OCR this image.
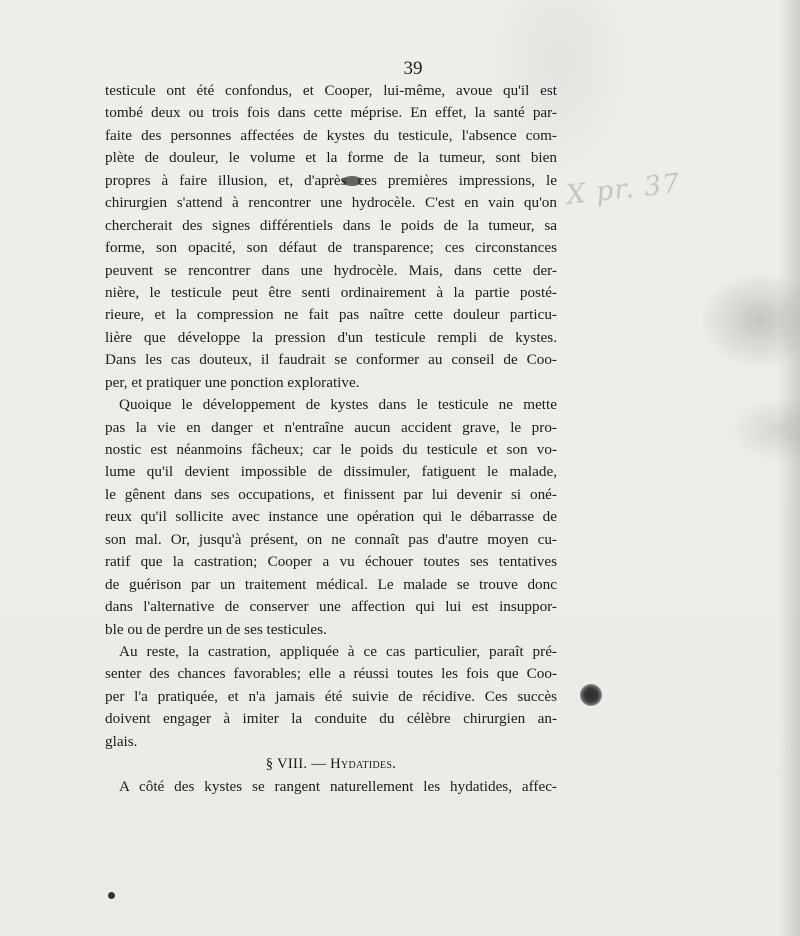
39
X pr. 37
testicule ont été confondus, et Cooper, lui-même, avoue qu'il est
tombé deux ou trois fois dans cette méprise. En effet, la santé par-
faite des personnes affectées de kystes du testicule, l'absence com-
plète de douleur, le volume et la forme de la tumeur, sont bien
propres à faire illusion, et, d'après ces premières impressions, le
chirurgien s'attend à rencontrer une hydrocèle. C'est en vain qu'on
chercherait des signes différentiels dans le poids de la tumeur, sa
forme, son opacité, son défaut de transparence; ces circonstances
peuvent se rencontrer dans une hydrocèle. Mais, dans cette der-
nière, le testicule peut être senti ordinairement à la partie posté-
rieure, et la compression ne fait pas naître cette douleur particu-
lière que développe la pression d'un testicule rempli de kystes.
Dans les cas douteux, il faudrait se conformer au conseil de Coo-
per, et pratiquer une ponction explorative.
Quoique le développement de kystes dans le testicule ne mette
pas la vie en danger et n'entraîne aucun accident grave, le pro-
nostic est néanmoins fâcheux; car le poids du testicule et son vo-
lume qu'il devient impossible de dissimuler, fatiguent le malade,
le gênent dans ses occupations, et finissent par lui devenir si oné-
reux qu'il sollicite avec instance une opération qui le débarrasse de
son mal. Or, jusqu'à présent, on ne connaît pas d'autre moyen cu-
ratif que la castration; Cooper a vu échouer toutes ses tentatives
de guérison par un traitement médical. Le malade se trouve donc
dans l'alternative de conserver une affection qui lui est insuppor-
ble ou de perdre un de ses testicules.
Au reste, la castration, appliquée à ce cas particulier, paraît pré-
senter des chances favorables; elle a réussi toutes les fois que Coo-
per l'a pratiquée, et n'a jamais été suivie de récidive. Ces succès
doivent engager à imiter la conduite du célèbre chirurgien an-
glais.
§ VIII. — Hydatides.
A côté des kystes se rangent naturellement les hydatides, affec-
